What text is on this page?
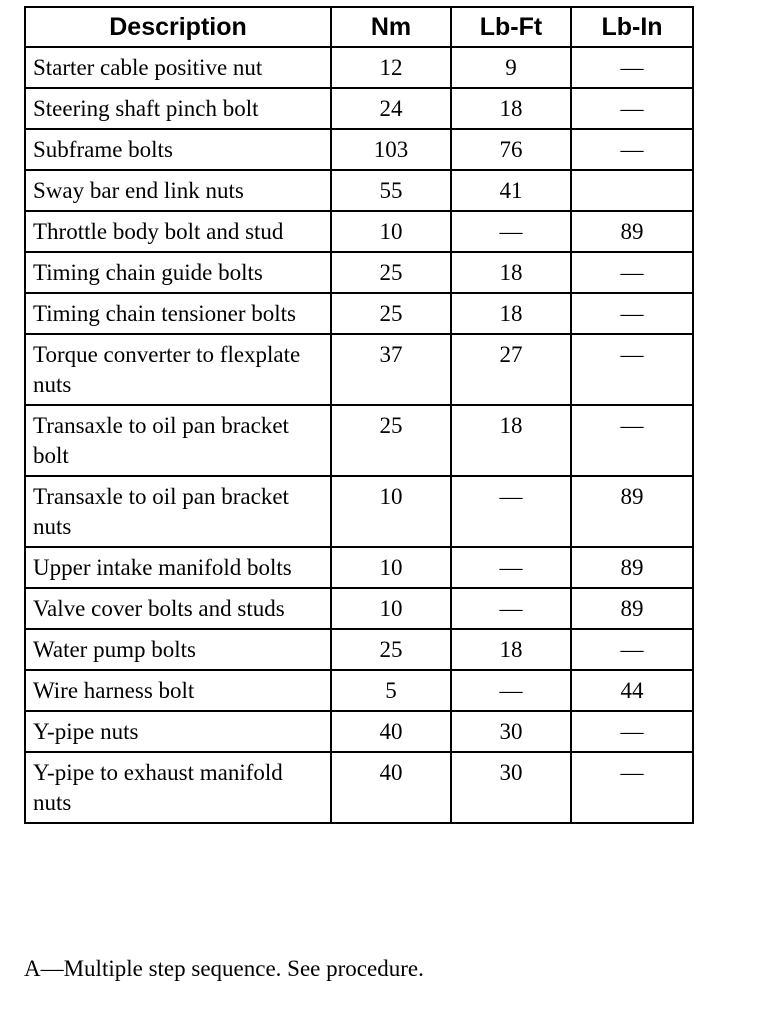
Description	Nm	Lb-Ft	Lb-In
Starter cable positive nut	12	9	—
Steering shaft pinch bolt	24	18	—
Subframe bolts	103	76	—
Sway bar end link nuts	55	41	
Throttle body bolt and stud	10	—	89
Timing chain guide bolts	25	18	—
Timing chain tensioner bolts	25	18	—
Torque converter to flexplate nuts	37	27	—
Transaxle to oil pan bracket bolt	25	18	—
Transaxle to oil pan bracket nuts	10	—	89
Upper intake manifold bolts	10	—	89
Valve cover bolts and studs	10	—	89
Water pump bolts	25	18	—
Wire harness bolt	5	—	44
Y-pipe nuts	40	30	—
Y-pipe to exhaust manifold nuts	40	30	—

A—Multiple step sequence. See procedure.
